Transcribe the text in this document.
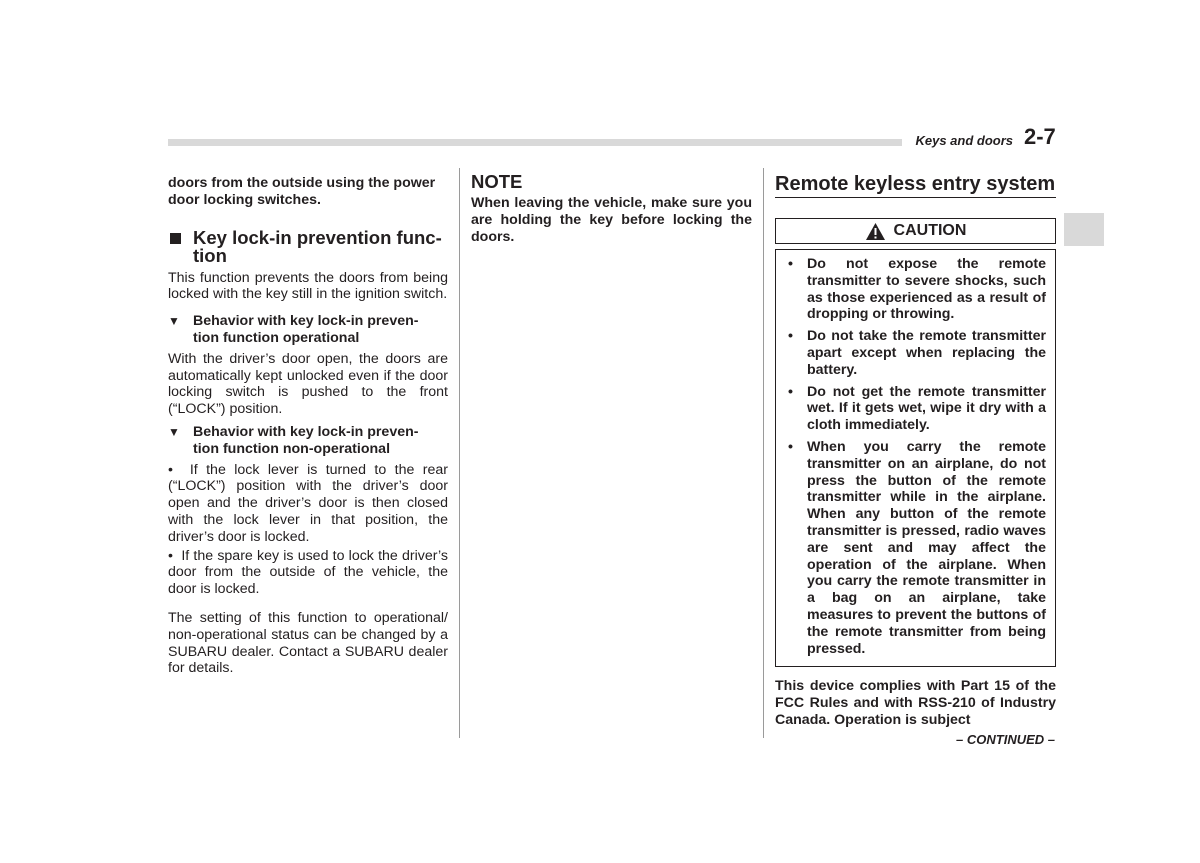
Keys and doors 2-7

doors from the outside using the power door locking switches.

Key lock-in prevention func-
tion

This function prevents the doors from being locked with the key still in the ignition switch.

▼ Behavior with key lock-in preven-
tion function operational

With the driver’s door open, the doors are automatically kept unlocked even if the door locking switch is pushed to the front (“LOCK”) position.

▼ Behavior with key lock-in preven-
tion function non-operational

•  If the lock lever is turned to the rear (“LOCK”) position with the driver’s door open and the driver’s door is then closed with the lock lever in that position, the driver’s door is locked.

•  If the spare key is used to lock the driver’s door from the outside of the vehicle, the door is locked.

The setting of this function to operational/ non-operational status can be changed by a SUBARU dealer. Contact a SUBARU dealer for details.

NOTE

When leaving the vehicle, make sure you are holding the key before locking the doors.

Remote keyless entry system
CAUTION
• Do not expose the remote transmitter to severe shocks, such as those experienced as a result of dropping or throwing.
• Do not take the remote transmitter apart except when replacing the battery.
• Do not get the remote transmitter wet. If it gets wet, wipe it dry with a cloth immediately.
• When you carry the remote transmitter on an airplane, do not press the button of the remote transmitter while in the airplane. When any button of the remote transmitter is pressed, radio waves are sent and may affect the operation of the airplane. When you carry the remote transmitter in a bag on an airplane, take measures to prevent the buttons of the remote transmitter from being pressed.

This device complies with Part 15 of the FCC Rules and with RSS-210 of Industry Canada. Operation is subject

– CONTINUED –
